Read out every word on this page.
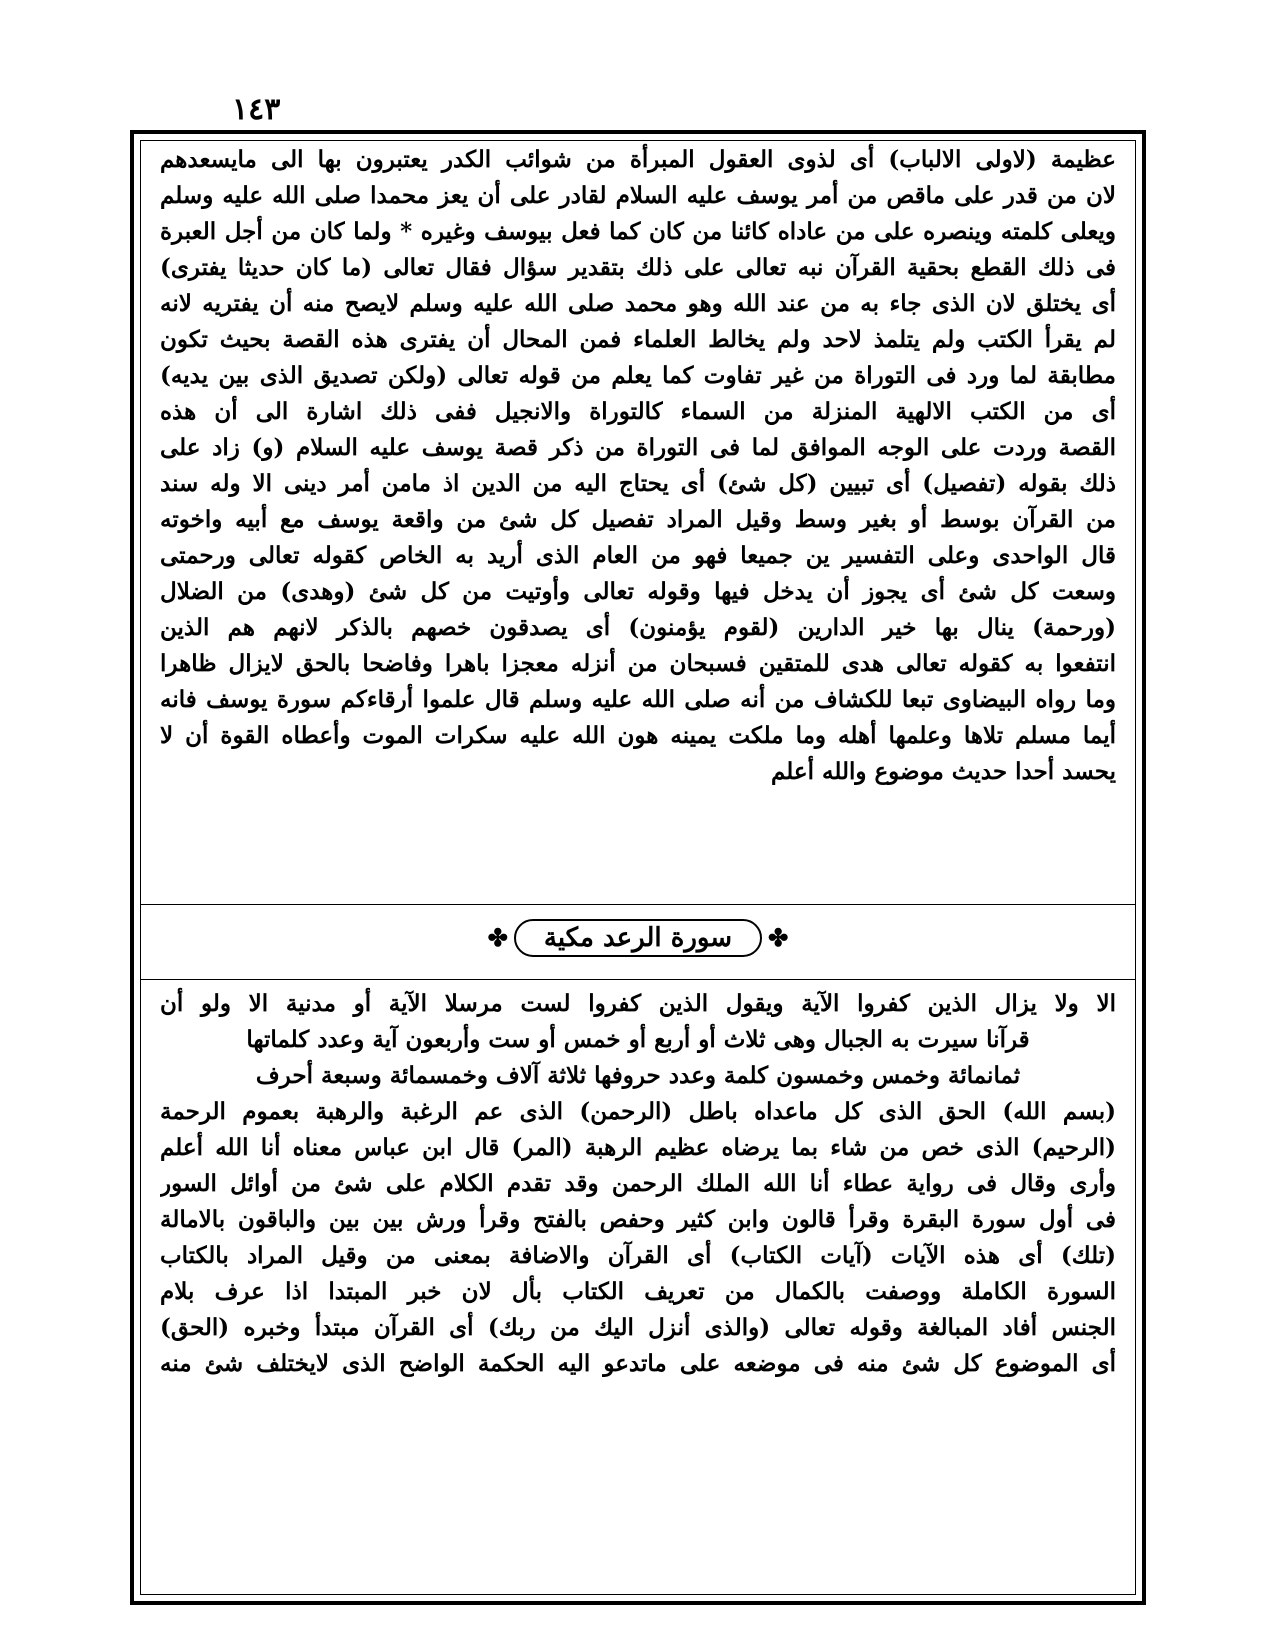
١٤٣
عظيمة (لاولى الالباب) أى لذوى العقول المبرأة من شوائب الكدر يعتبرون بها الى مايسعدهم
لان من قدر على ماقص من أمر يوسف عليه السلام لقادر على أن يعز محمدا صلى الله عليه وسلم
ويعلى كلمته وينصره على من عاداه كائنا من كان كما فعل بيوسف وغيره * ولما كان من أجل العبرة
فى ذلك القطع بحقية القرآن نبه تعالى على ذلك بتقدير سؤال فقال تعالى (ما كان حديثا يفترى)
أى يختلق لان الذى جاء به من عند الله وهو محمد صلى الله عليه وسلم لايصح منه أن يفتريه لانه
لم يقرأ الكتب ولم يتلمذ لاحد ولم يخالط العلماء فمن المحال أن يفترى هذه القصة بحيث تكون
مطابقة لما ورد فى التوراة من غير تفاوت كما يعلم من قوله تعالى (ولكن تصديق الذى بين يديه)
أى من الكتب الالهية المنزلة من السماء كالتوراة والانجيل ففى ذلك اشارة الى أن هذه
القصة وردت على الوجه الموافق لما فى التوراة من ذكر قصة يوسف عليه السلام (و) زاد على
ذلك بقوله (تفصيل) أى تبيين (كل شئ) أى يحتاج اليه من الدين اذ مامن أمر دينى الا وله سند
من القرآن بوسط أو بغير وسط وقيل المراد تفصيل كل شئ من واقعة يوسف مع أبيه واخوته
قال الواحدى وعلى التفسير ين جميعا فهو من العام الذى أريد به الخاص كقوله تعالى ورحمتى
وسعت كل شئ أى يجوز أن يدخل فيها وقوله تعالى وأوتيت من كل شئ (وهدى) من الضلال
(ورحمة) ينال بها خير الدارين (لقوم يؤمنون) أى يصدقون خصهم بالذكر لانهم هم الذين
انتفعوا به كقوله تعالى هدى للمتقين فسبحان من أنزله معجزا باهرا وفاضحا بالحق لايزال ظاهرا
وما رواه البيضاوى تبعا للكشاف من أنه صلى الله عليه وسلم قال علموا أرقاءكم سورة يوسف فانه
أيما مسلم تلاها وعلمها أهله وما ملكت يمينه هون الله عليه سكرات الموت وأعطاه القوة أن لا
يحسد أحدا حديث موضوع والله أعلم
✤سورة الرعد مكية✤
الا ولا يزال الذين كفروا الآية ويقول الذين كفروا لست مرسلا الآية أو مدنية الا ولو أن
قرآنا سيرت به الجبال وهى ثلاث أو أربع أو خمس أو ست وأربعون آية وعدد كلماتها
ثمانمائة وخمس وخمسون كلمة وعدد حروفها ثلاثة آلاف وخمسمائة وسبعة أحرف
(بسم الله) الحق الذى كل ماعداه باطل (الرحمن) الذى عم الرغبة والرهبة بعموم الرحمة
(الرحيم) الذى خص من شاء بما يرضاه عظيم الرهبة (المر) قال ابن عباس معناه أنا الله أعلم
وأرى وقال فى رواية عطاء أنا الله الملك الرحمن وقد تقدم الكلام على شئ من أوائل السور
فى أول سورة البقرة وقرأ قالون وابن كثير وحفص بالفتح وقرأ ورش بين بين والباقون بالامالة
(تلك) أى هذه الآيات (آيات الكتاب) أى القرآن والاضافة بمعنى من وقيل المراد بالكتاب
السورة الكاملة ووصفت بالكمال من تعريف الكتاب بأل لان خبر المبتدا اذا عرف بلام
الجنس أفاد المبالغة وقوله تعالى (والذى أنزل اليك من ربك) أى القرآن مبتدأ وخبره (الحق)
أى الموضوع كل شئ منه فى موضعه على ماتدعو اليه الحكمة الواضح الذى لايختلف شئ منه
